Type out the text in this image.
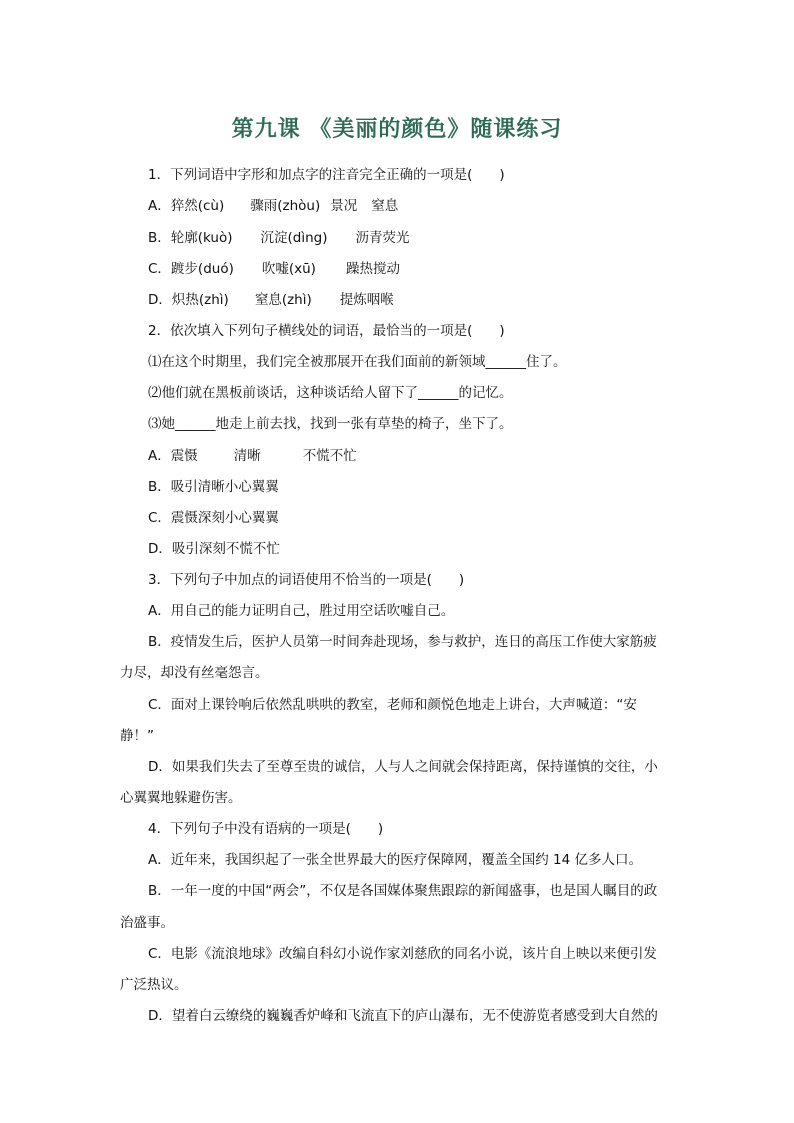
第九课 《美丽的颜色》随课练习
1．下列词语中字形和加点字的注音完全正确的一项是(　　)
A．猝然(cù) 骤雨(zhòu) 景况 窒息
B．轮廓(kuò) 沉淀(dìng) 沥青荧光
C．踱步(duó) 吹嘘(xū) 躁热搅动
D．炽热(zhì) 窒息(zhì) 提炼咽喉
2．依次填入下列句子横线处的词语，最恰当的一项是(　　)
⑴在这个时期里，我们完全被那展开在我们面前的新领域______住了。
⑵他们就在黑板前谈话，这种谈话给人留下了______的记忆。
⑶她______地走上前去找，找到一张有草垫的椅子，坐下了。
A．震慑	清晰	不慌不忙
B．吸引清晰小心翼翼
C．震慑深刻小心翼翼
D．吸引深刻不慌不忙
3．下列句子中加点的词语使用不恰当的一项是(　　)
A．用自己的能力证明自己，胜过用空话吹嘘自己。
B．疫情发生后，医护人员第一时间奔赴现场，参与救护，连日的高压工作使大家筋疲
力尽，却没有丝毫怨言。
C．面对上课铃响后依然乱哄哄的教室，老师和颜悦色地走上讲台，大声喊道：“安
静！”
D．如果我们失去了至尊至贵的诚信，人与人之间就会保持距离，保持谨慎的交往，小
心翼翼地躲避伤害。
4．下列句子中没有语病的一项是(　　)
A．近年来，我国织起了一张全世界最大的医疗保障网，覆盖全国约 14 亿多人口。
B．一年一度的中国“两会”，不仅是各国媒体聚焦跟踪的新闻盛事，也是国人瞩目的政
治盛事。
C．电影《流浪地球》改编自科幻小说作家刘慈欣的同名小说，该片自上映以来便引发
广泛热议。
D．望着白云缭绕的巍巍香炉峰和飞流直下的庐山瀑布，无不使游览者感受到大自然的
